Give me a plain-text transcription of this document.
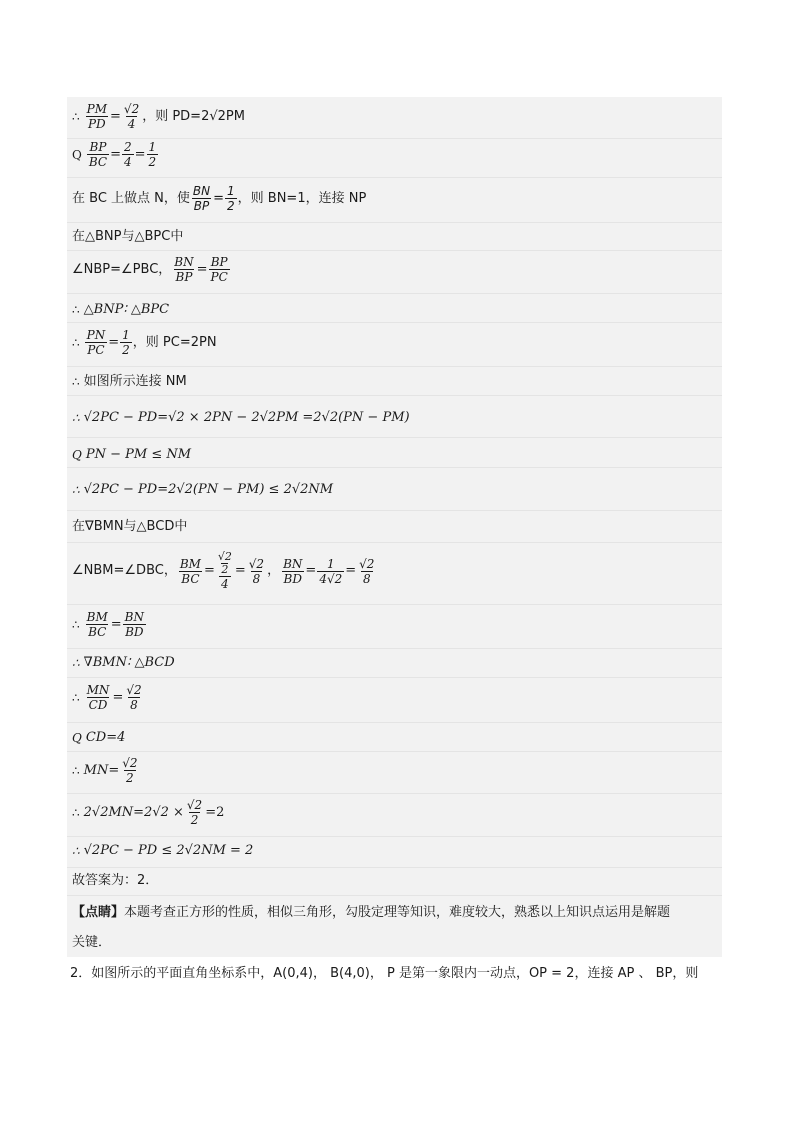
∴ $\frac{PM}{PD} = \frac{√2}{4}$ ，则 PD=2√2PM
Q $\frac{BP}{BC} = \frac{2}{4} = \frac{1}{2}$
在 BC 上做点 N，使 $\frac{BN}{BP} = \frac{1}{2}$ ，则 BN=1，连接 NP
在△BNP与△BPC中
∠NBP=∠PBC， $\frac{BN}{BP} = \frac{BP}{PC}$
∴ △BNP∶ △BPC
∴ $\frac{PN}{PC} = \frac{1}{2}$ ，则 PC=2PN
∴ 如图所示连接 NM
∴ √2PC − PD=√2 × 2PN − 2√2PM =2√2(PN − PM)
Q PN − PM ≤ NM
∴ √2PC − PD=2√2(PN − PM) ≤ 2√2NM
在∇BMN与△BCD中
∠NBM=∠DBC， $\frac{BM}{BC} = √2$
2
$4 = \frac{√2}{8}$ ， $\frac{BN}{BD} = \frac{1}{4√2} = \frac{√2}{8}$
∴ $\frac{BM}{BC} = \frac{BN}{BD}$
∴ ∇BMN∶ △BCD
∴ $\frac{MN}{CD} = \frac{√2}{8}$
Q CD=4
∴ $MN= \frac{√2}{2}$
∴ $2√2MN=2√2 \times \frac{√2}{2} =2$
∴ √2PC − PD ≤ 2√2NM = 2
故答案为：2．
【点睛】 本题考查正方形的性质，相似三角形，勾股定理等知识，难度较大，熟悉以上知识点运用是解题
关键．
2．如图所示的平面直角坐标系中，A(0,4)， B(4,0)， P 是第一象限内一动点，OP = 2，连接 AP 、 BP，则
